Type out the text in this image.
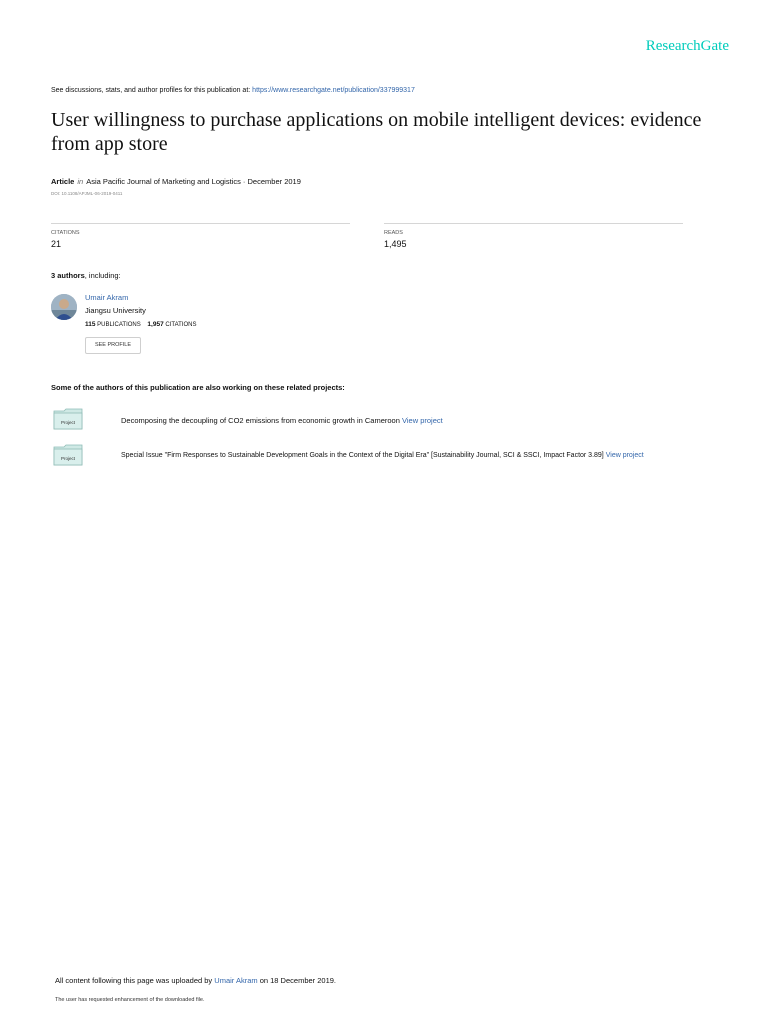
ResearchGate
See discussions, stats, and author profiles for this publication at: https://www.researchgate.net/publication/337999317
User willingness to purchase applications on mobile intelligent devices: evidence from app store
Article in Asia Pacific Journal of Marketing and Logistics · December 2019
DOI: 10.1108/APJML-06-2019-0411
CITATIONS
21
READS
1,495
3 authors, including:
Umair Akram
Jiangsu University
115 PUBLICATIONS 1,957 CITATIONS
SEE PROFILE
Some of the authors of this publication are also working on these related projects:
Project	Decomposing the decoupling of CO2 emissions from economic growth in Cameroon View project
Project	Special Issue "Firm Responses to Sustainable Development Goals in the Context of the Digital Era" [Sustainability Journal, SCI & SSCI, Impact Factor 3.89] View project
All content following this page was uploaded by Umair Akram on 18 December 2019.
The user has requested enhancement of the downloaded file.
